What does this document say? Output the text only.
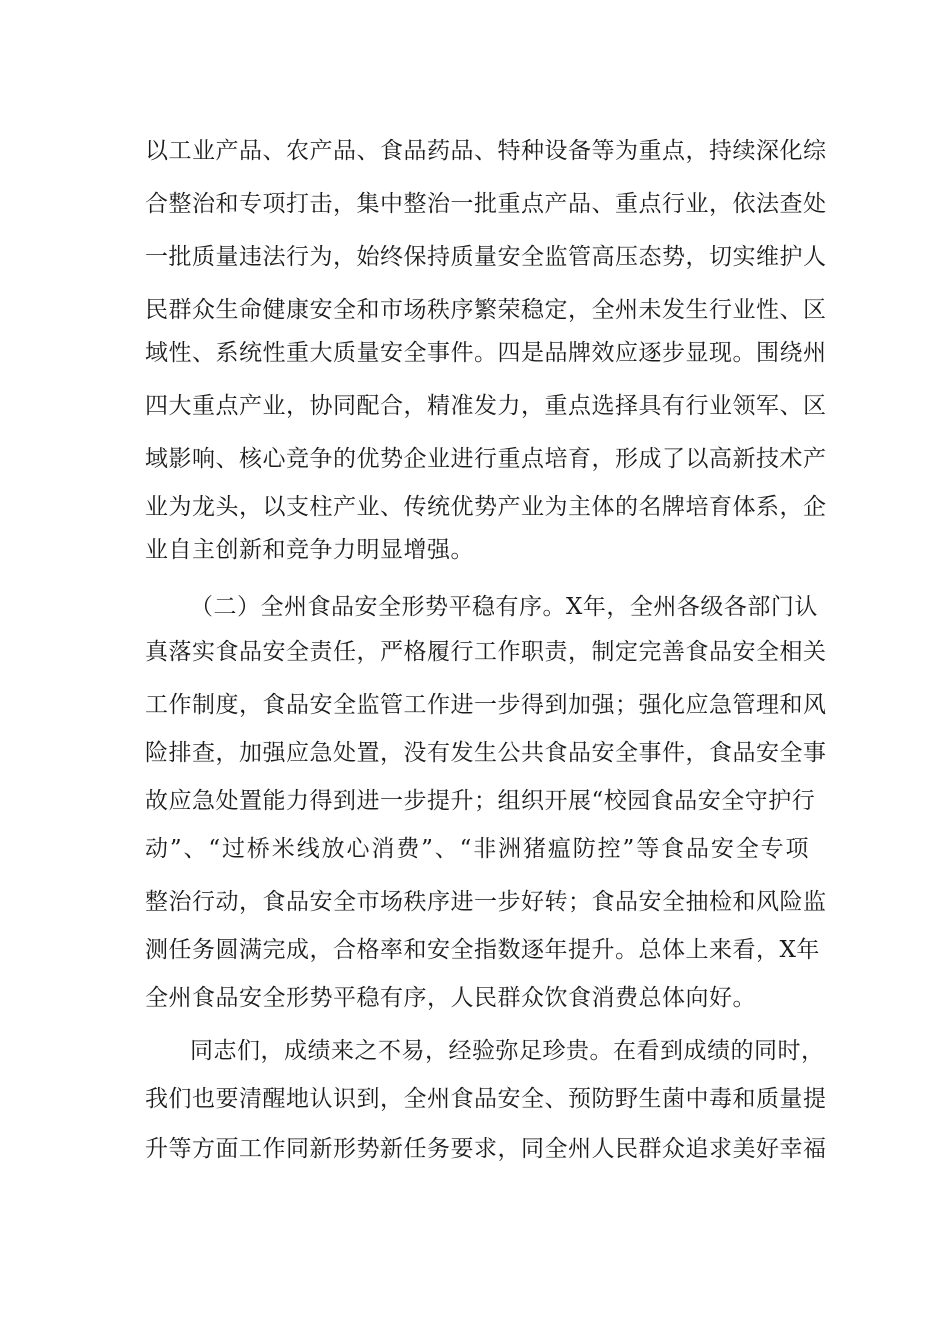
以工业产品、农产品、食品药品、特种设备等为重点，持续深化综
合整治和专项打击，集中整治一批重点产品、重点行业，依法查处
一批质量违法行为，始终保持质量安全监管高压态势，切实维护人
民群众生命健康安全和市场秩序繁荣稳定，全州未发生行业性、区
域性、系统性重大质量安全事件。四是品牌效应逐步显现。围绕州
四大重点产业，协同配合，精准发力，重点选择具有行业领军、区
域影响、核心竞争的优势企业进行重点培育，形成了以高新技术产
业为龙头，以支柱产业、传统优势产业为主体的名牌培育体系，企
业自主创新和竞争力明显增强。
（二）全州食品安全形势平稳有序。X年，全州各级各部门认
真落实食品安全责任，严格履行工作职责，制定完善食品安全相关
工作制度，食品安全监管工作进一步得到加强；强化应急管理和风
险排查，加强应急处置，没有发生公共食品安全事件，食品安全事
故应急处置能力得到进一步提升；组织开展“校园食品安全守护行
动”、“过桥米线放心消费”、“非洲猪瘟防控”等食品安全专项
整治行动，食品安全市场秩序进一步好转；食品安全抽检和风险监
测任务圆满完成，合格率和安全指数逐年提升。总体上来看，X年
全州食品安全形势平稳有序，人民群众饮食消费总体向好。
同志们，成绩来之不易，经验弥足珍贵。在看到成绩的同时，
我们也要清醒地认识到，全州食品安全、预防野生菌中毒和质量提
升等方面工作同新形势新任务要求，同全州人民群众追求美好幸福
